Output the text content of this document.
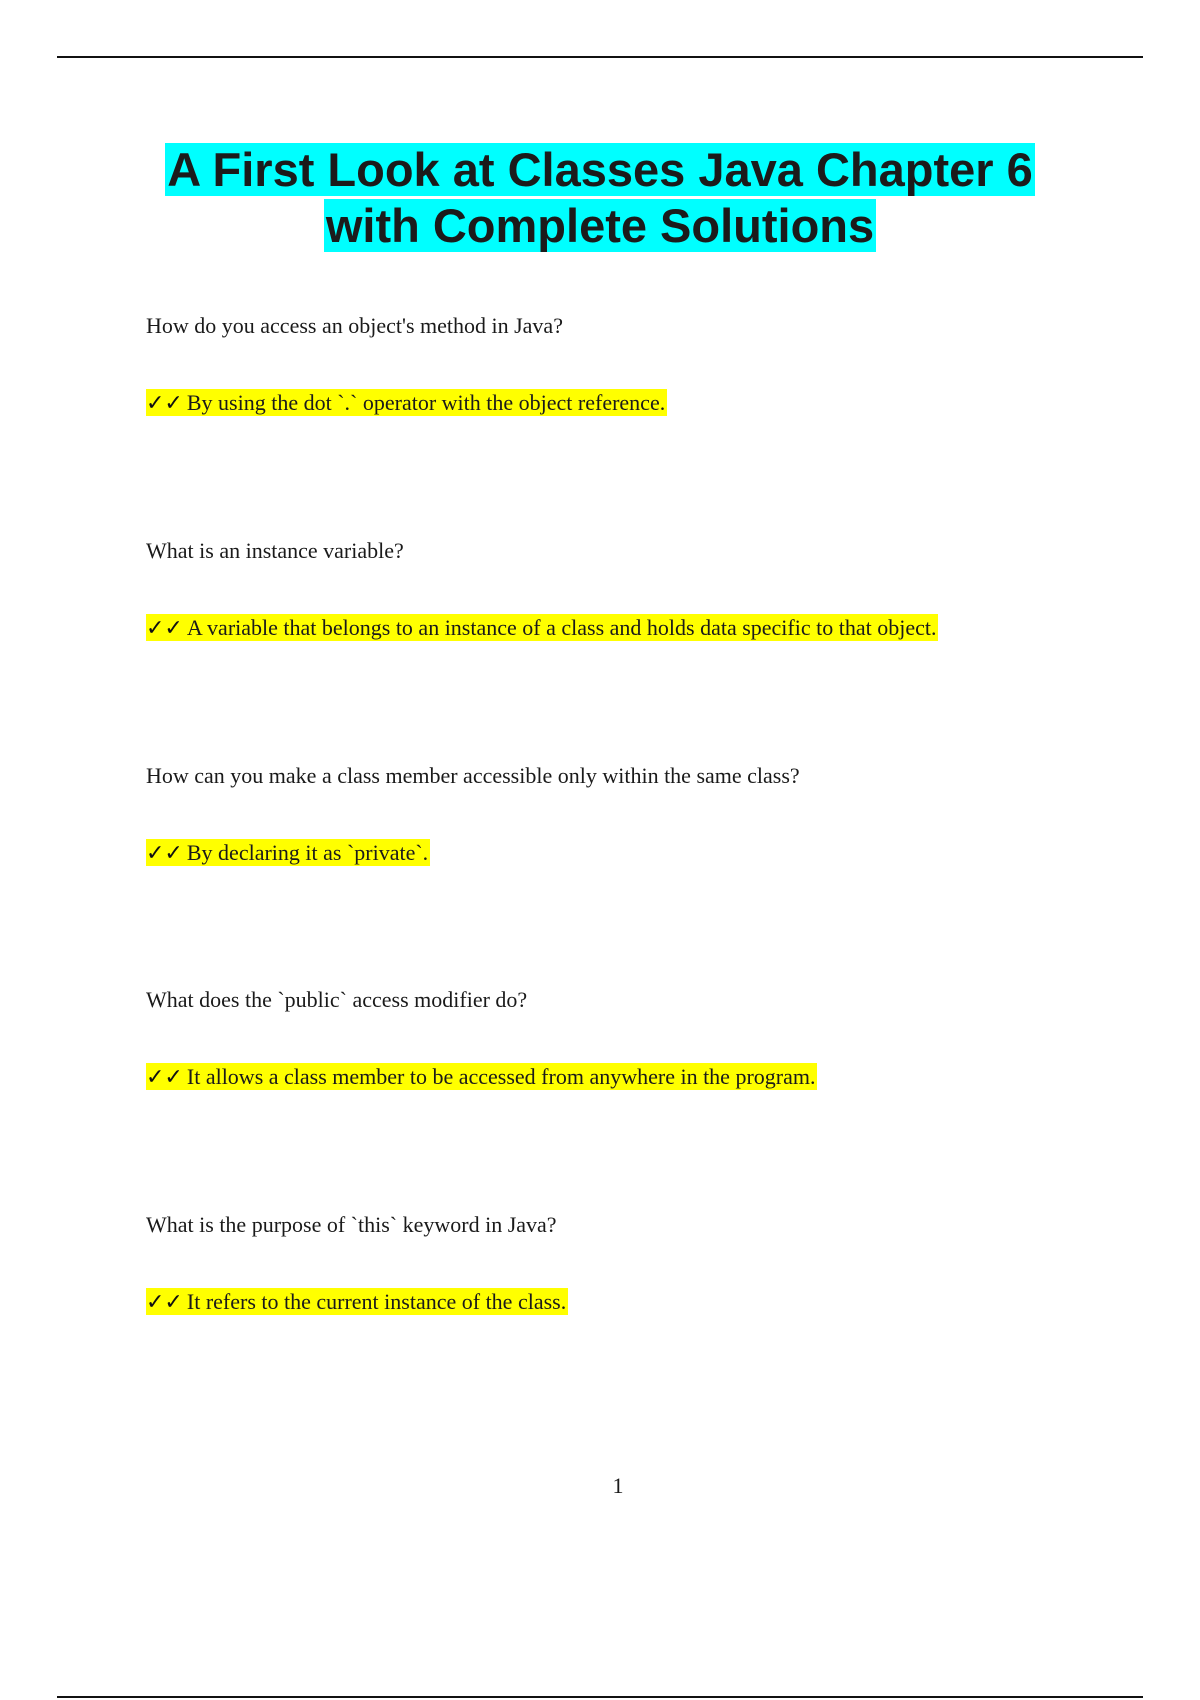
A First Look at Classes Java Chapter 6
with Complete Solutions
How do you access an object's method in Java?
✓✓ By using the dot `.` operator with the object reference.
What is an instance variable?
✓✓ A variable that belongs to an instance of a class and holds data specific to that object.
How can you make a class member accessible only within the same class?
✓✓ By declaring it as `private`.
What does the `public` access modifier do?
✓✓ It allows a class member to be accessed from anywhere in the program.
What is the purpose of `this` keyword in Java?
✓✓ It refers to the current instance of the class.
1
